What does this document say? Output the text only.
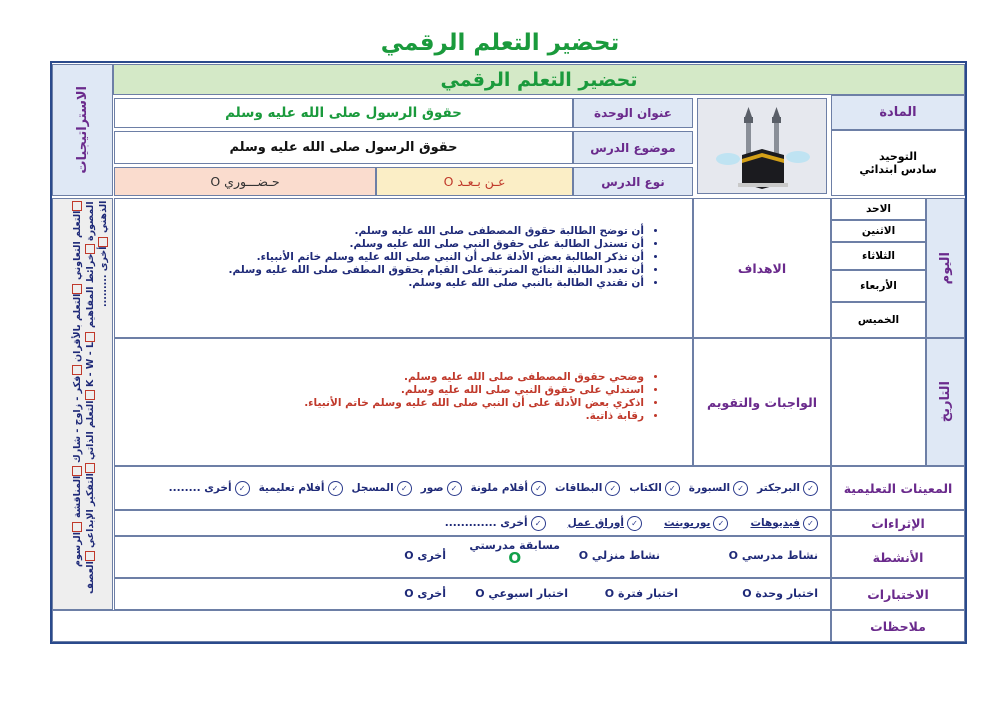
تحضير التعلم الرقمي
تحضير التعلم الرقمي
الاستراتيجيات	المادة
التوحيد
سادس ابتدائي
عنوان الوحدة
حقوق الرسول صلى الله عليه وسلم
موضوع الدرس
حقوق الرسول صلى الله عليه وسلم
نوع الدرس
عـن بـعـد O
حـضـــوري O
التعلم التعاوني التعلم بالأقران فكر - زاوج - شارك المناقشة الرسوم المصورة خرائط المفاهيم K - W - L التعلم الذاتي التفكير الإبداعي العصف الذهني أخرى .........	اليوم
الاحد
الاثنين
الثلاثاء
الأربعاء
الخميس
التاريخ
الاهداف
• أن توضح الطالبة حقوق المصطفى صلى الله عليه وسلم.
• أن تستدل الطالبة على حقوق النبي صلى الله عليه وسلم.
• أن تذكر الطالبة بعض الأدلة على أن النبي صلى الله عليه وسلم خاتم الأنبياء.
• أن تعدد الطالبة النتائج المترتبة على القيام بحقوق المطفى صلى الله عليه وسلم.
• أن تقتدي الطالبة بالنبي صلى الله عليه وسلم.
الواجبات والتقويم
• وضحي حقوق المصطفى صلى الله عليه وسلم.
• استدلي على حقوق النبي صلى الله عليه وسلم.
• اذكري بعض الأدلة على أن النبي صلى الله عليه وسلم خاتم الأنبياء.
• رقابة ذاتية.
المعينات التعليمية
✓البرجكتر
✓السبورة
✓الكتاب
✓البطاقات
✓أقلام ملونة
✓صور
✓المسجل
✓أفلام تعليمية
✓أخرى ........
الإثراءات
✓فيديوهات
✓بوربوينت
✓أوراق عمل
✓أخرى .............
الأنشطة
نشاط مدرسي O
نشاط منزلي O
مسابقة مدرستي
O
أخرى O
الاختبارات
اختبار وحدة O
اختبار فترة O
اختبار اسبوعي O
أخرى O
ملاحظات
